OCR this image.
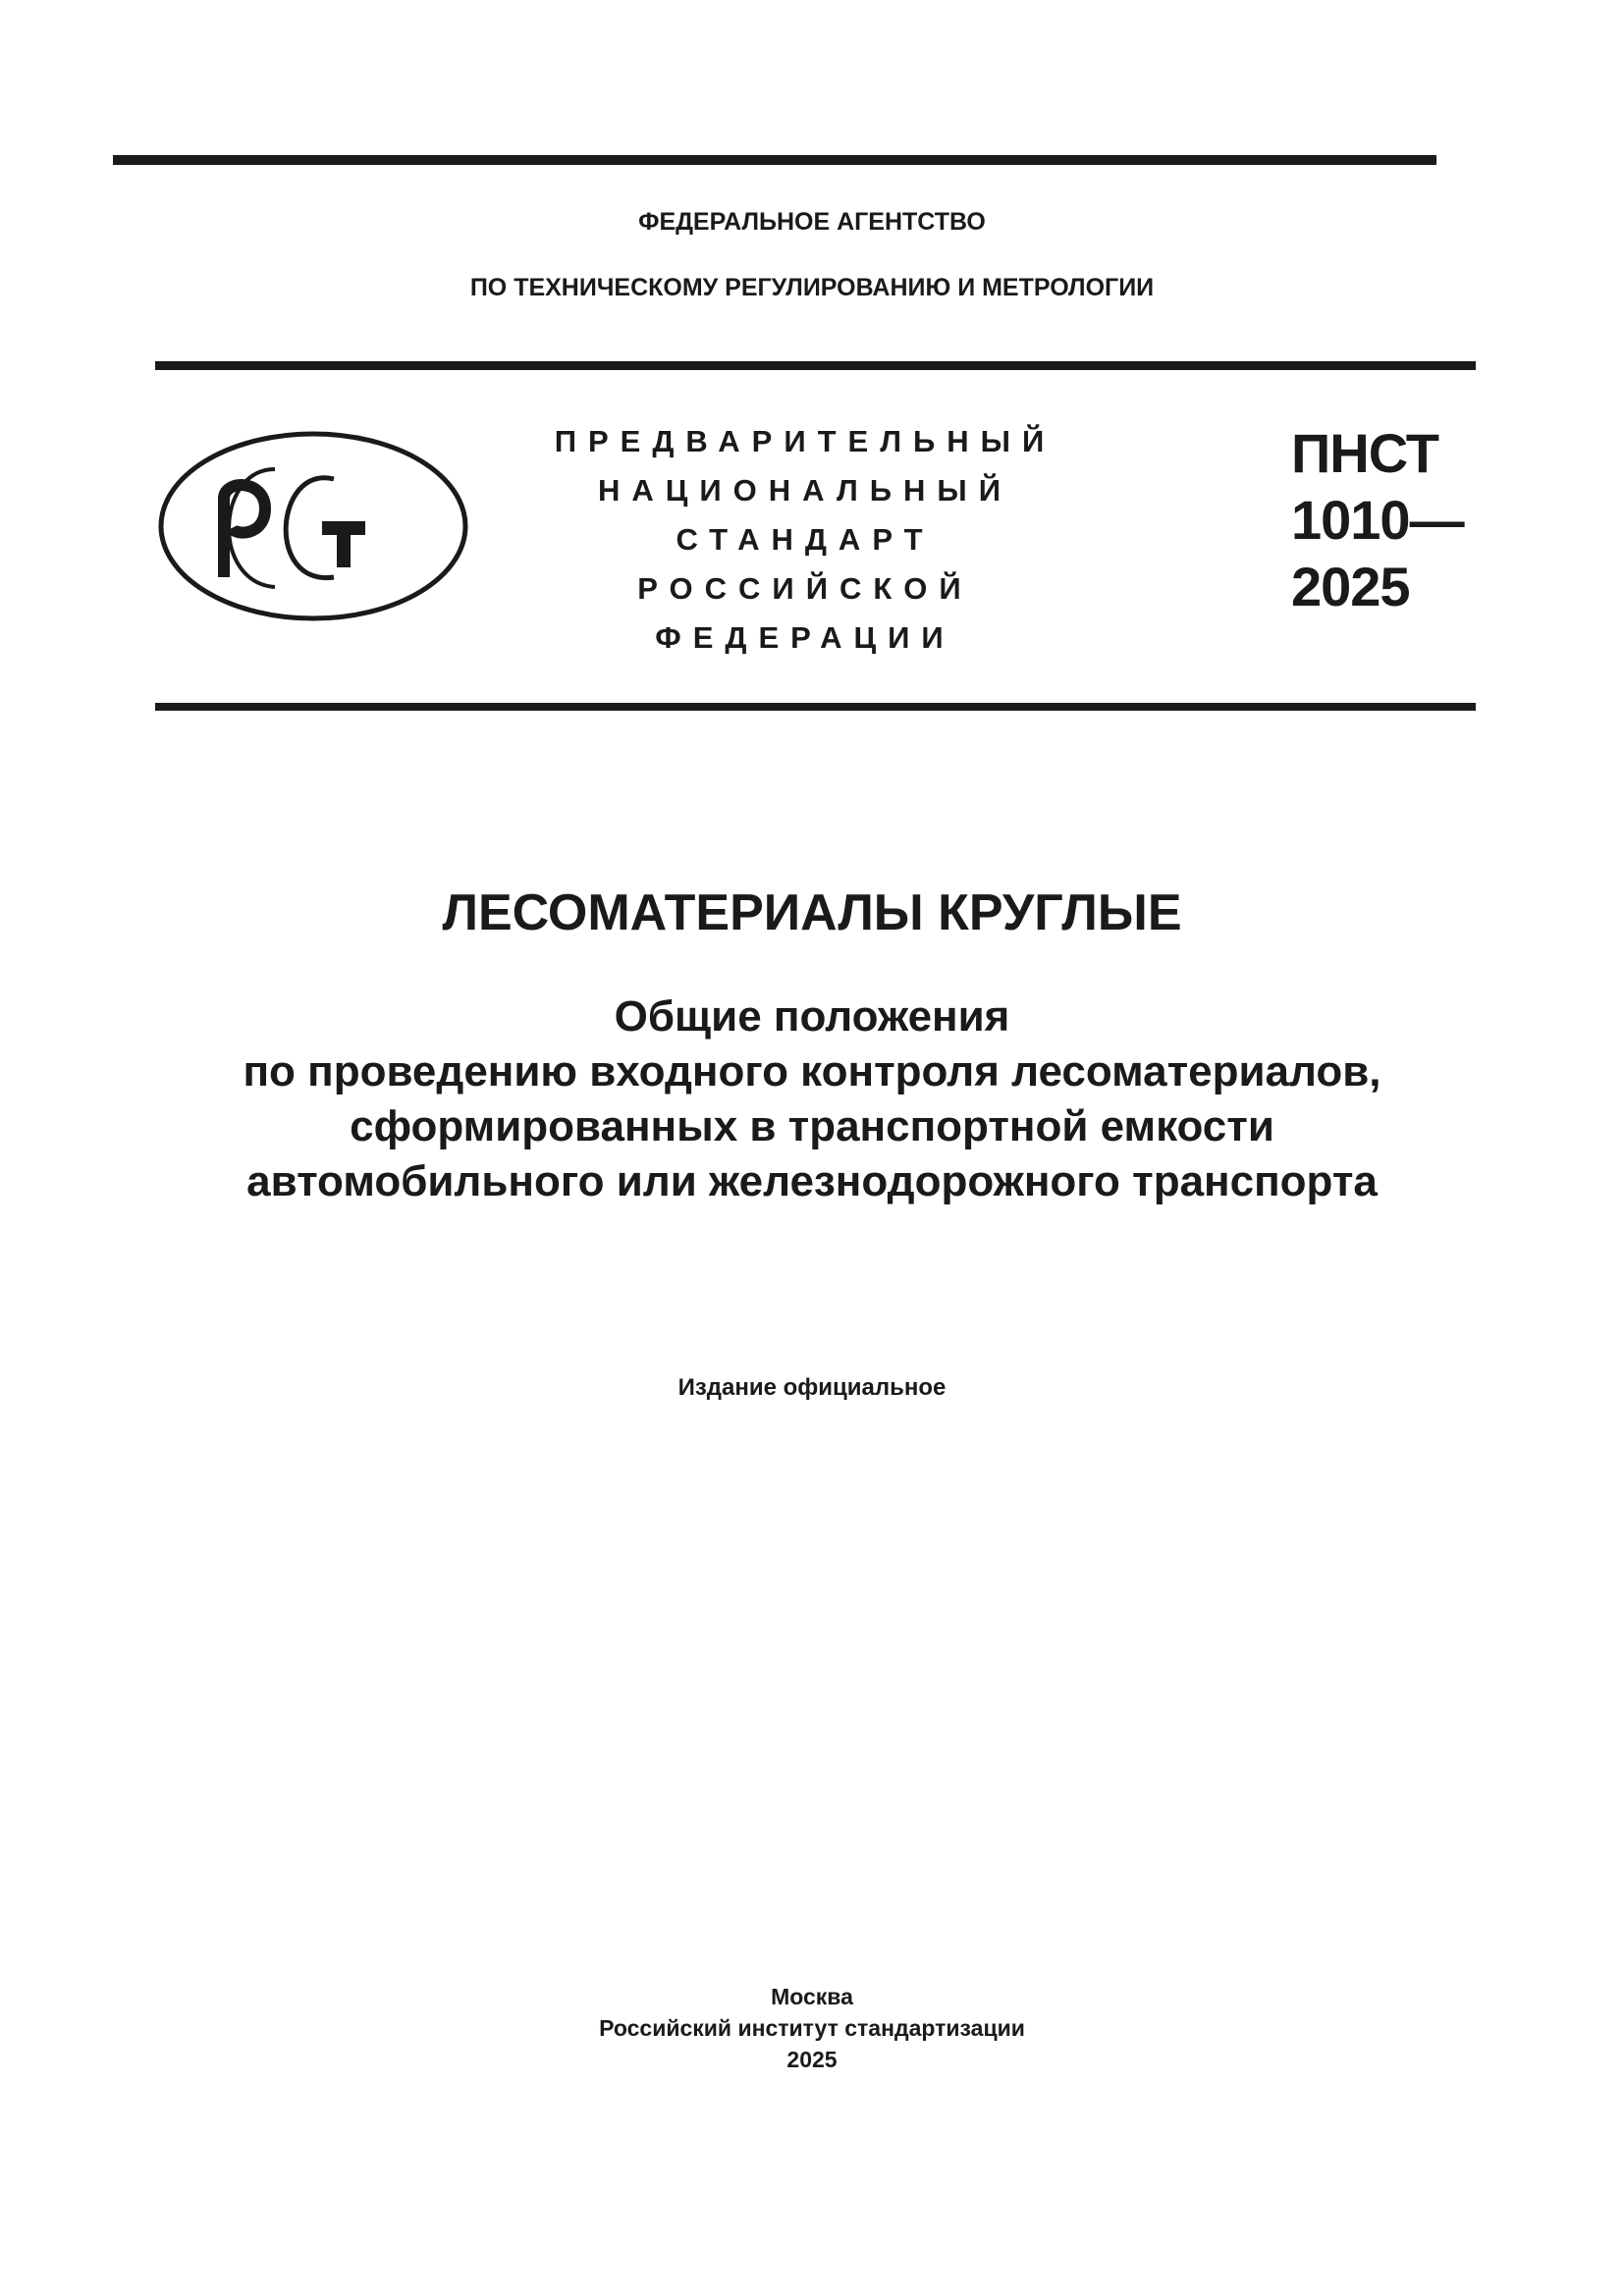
ФЕДЕРАЛЬНОЕ АГЕНТСТВО
ПО ТЕХНИЧЕСКОМУ РЕГУЛИРОВАНИЮ И МЕТРОЛОГИИ
ПРЕДВАРИТЕЛЬНЫЙ
НАЦИОНАЛЬНЫЙ
СТАНДАРТ
РОССИЙСКОЙ
ФЕДЕРАЦИИ
ПНСТ
1010—
2025
ЛЕСОМАТЕРИАЛЫ КРУГЛЫЕ
Общие положения
по проведению входного контроля лесоматериалов,
сформированных в транспортной емкости
автомобильного или железнодорожного транспорта
Издание официальное
Москва
Российский институт стандартизации
2025
